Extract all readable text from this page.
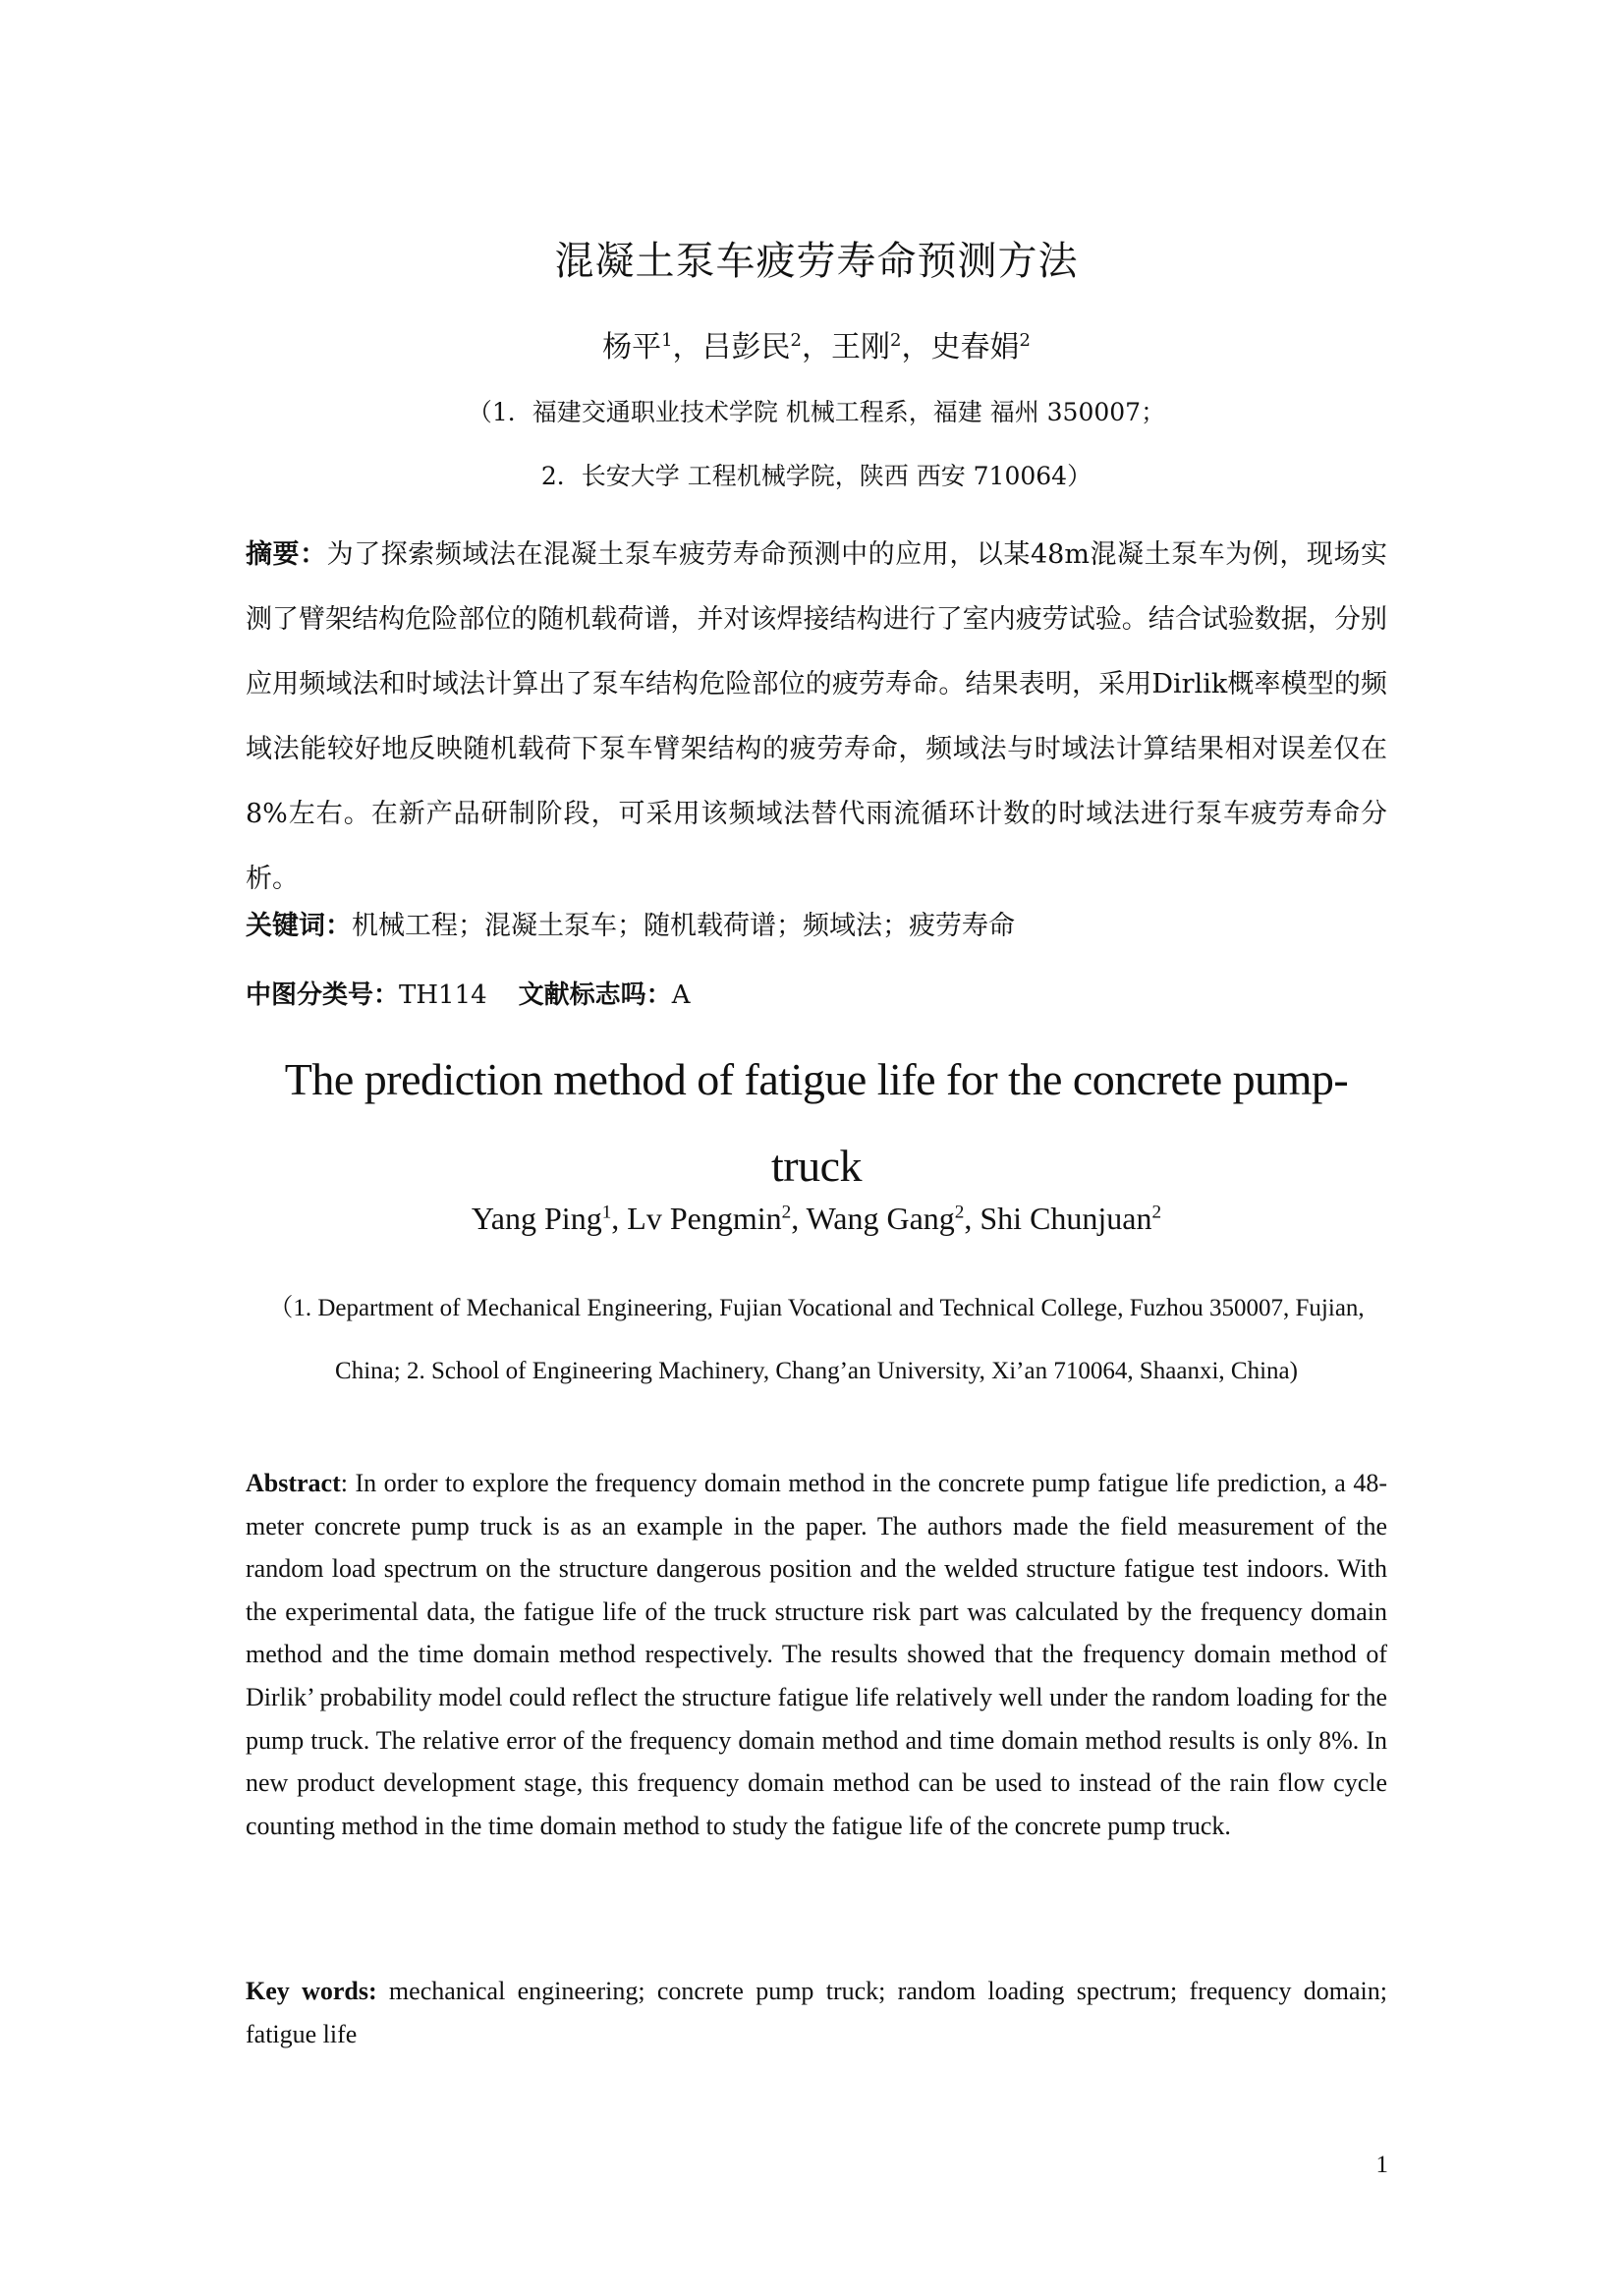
混凝土泵车疲劳寿命预测方法
杨平$^1$，吕彭民$^2$，王刚$^2$，史春娟$^2$
（1．福建交通职业技术学院 机械工程系，福建 福州 350007；
2．长安大学 工程机械学院，陕西 西安 710064）

摘要：为了探索频域法在混凝土泵车疲劳寿命预测中的应用，以某48m混凝土泵车为例，现场实测了臂架结构危险部位的随机载荷谱，并对该焊接结构进行了室内疲劳试验。结合试验数据，分别应用频域法和时域法计算出了泵车结构危险部位的疲劳寿命。结果表明，采用Dirlik概率模型的频域法能较好地反映随机载荷下泵车臂架结构的疲劳寿命，频域法与时域法计算结果相对误差仅在8%左右。在新产品研制阶段，可采用该频域法替代雨流循环计数的时域法进行泵车疲劳寿命分析。

关键词：机械工程；混凝土泵车；随机载荷谱；频域法；疲劳寿命
中图分类号：TH114 文献标志吗：A
The prediction method of fatigue life for the concrete pump-truck
Yang Ping$^1$, Lv Pengmin$^2$, Wang Gang$^2$, Shi Chunjuan$^2$
（1. Department of Mechanical Engineering, Fujian Vocational and Technical College, Fuzhou 350007, Fujian, China; 2. School of Engineering Machinery, Chang’an University, Xi’an 710064, Shaanxi, China)

Abstract: In order to explore the frequency domain method in the concrete pump fatigue life prediction, a 48-meter concrete pump truck is as an example in the paper. The authors made the field measurement of the random load spectrum on the structure dangerous position and the welded structure fatigue test indoors. With the experimental data, the fatigue life of the truck structure risk part was calculated by the frequency domain method and the time domain method respectively. The results showed that the frequency domain method of Dirlik’ probability model could reflect the structure fatigue life relatively well under the random loading for the pump truck. The relative error of the frequency domain method and time domain method results is only 8%. In new product development stage, this frequency domain method can be used to instead of the rain flow cycle counting method in the time domain method to study the fatigue life of the concrete pump truck.

Key words: mechanical engineering; concrete pump truck; random loading spectrum; frequency domain; fatigue life
1
